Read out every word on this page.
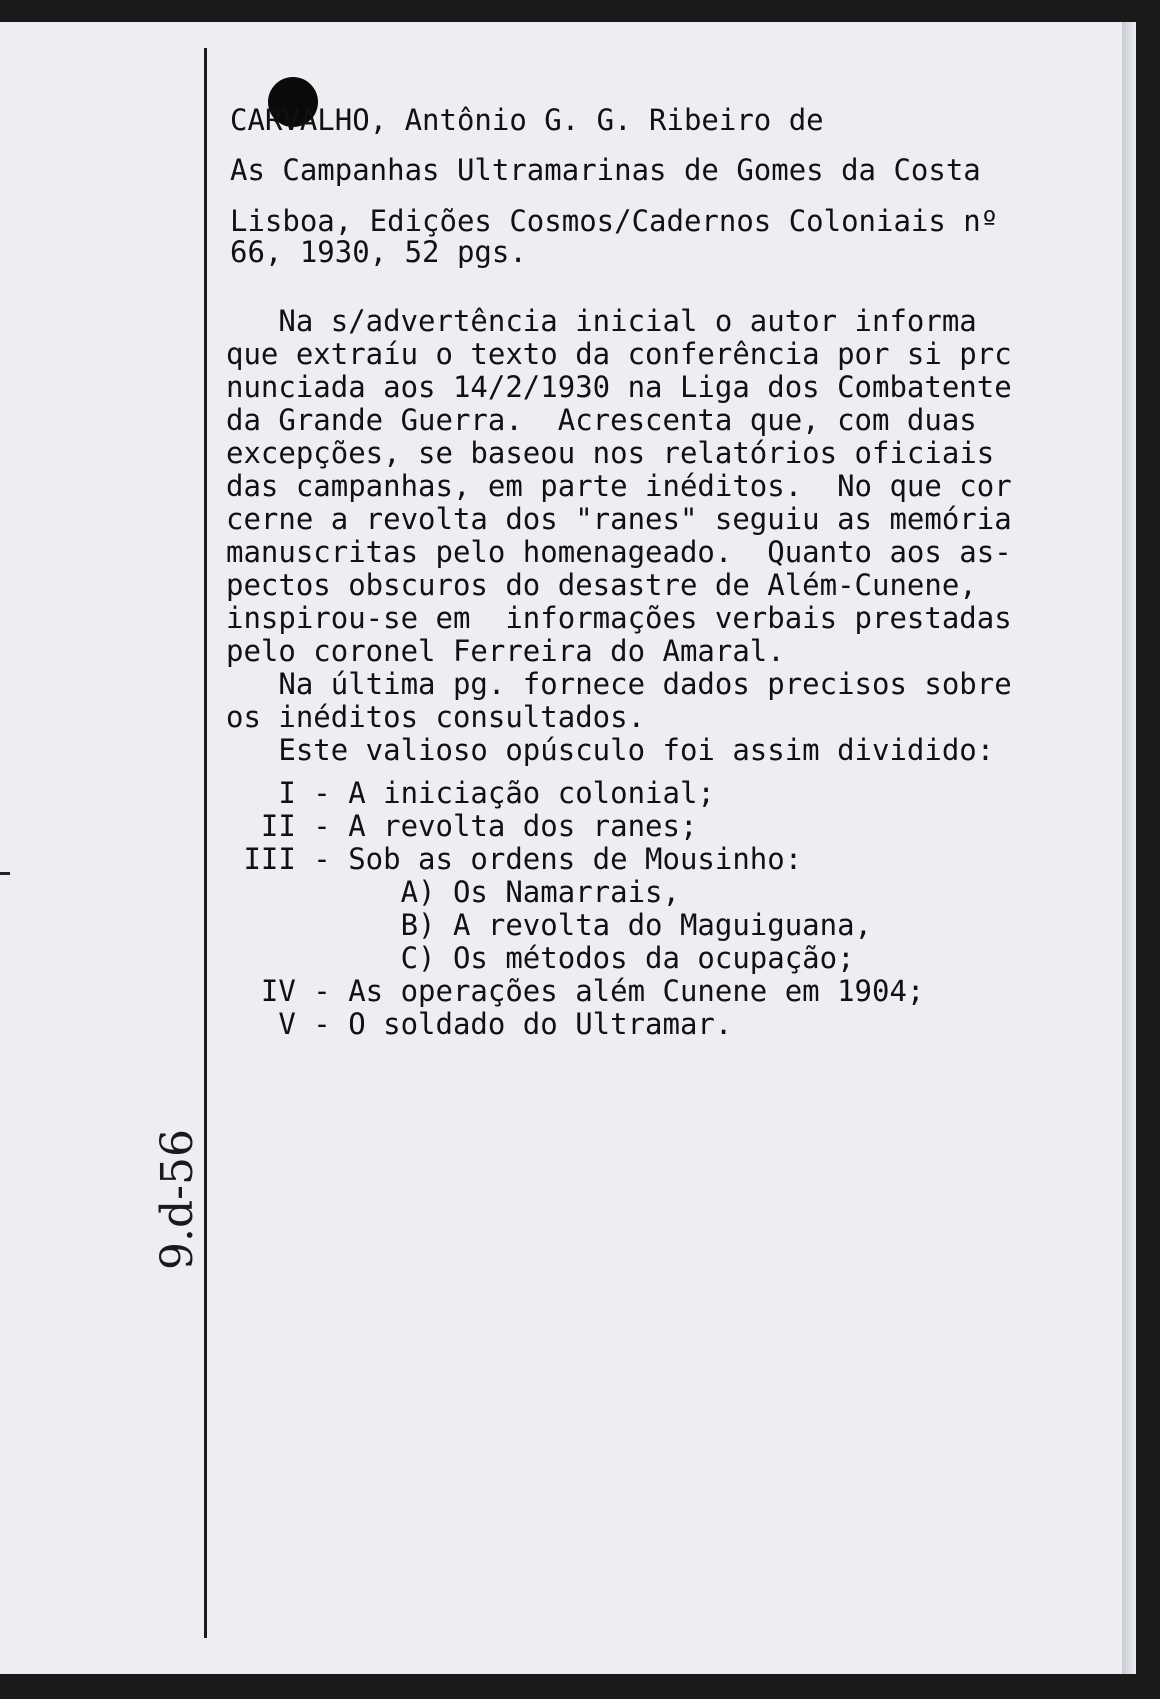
CARVALHO, Antônio G. G. Ribeiro de
As Campanhas Ultramarinas de Gomes da Costa
Lisboa, Edições Cosmos/Cadernos Coloniais nº
66, 1930, 52 pgs.
Na s/advertência inicial o autor informa
que extraíu o texto da conferência por si prc
nunciada aos 14/2/1930 na Liga dos Combatente
da Grande Guerra.  Acrescenta que, com duas
excepções, se baseou nos relatórios oficiais
das campanhas, em parte inéditos.  No que cor
cerne a revolta dos "ranes" seguiu as memória
manuscritas pelo homenageado.  Quanto aos as-
pectos obscuros do desastre de Além-Cunene,
inspirou-se em  informações verbais prestadas
pelo coronel Ferreira do Amaral.
Na última pg. fornece dados precisos sobre
os inéditos consultados.
Este valioso opúsculo foi assim dividido:
I - A iniciação colonial;
II - A revolta dos ranes;
III - Sob as ordens de Mousinho:
A) Os Namarrais,
B) A revolta do Maguiguana,
C) Os métodos da ocupação;
IV - As operações além Cunene em 1904;
V - O soldado do Ultramar.
9.d-56
